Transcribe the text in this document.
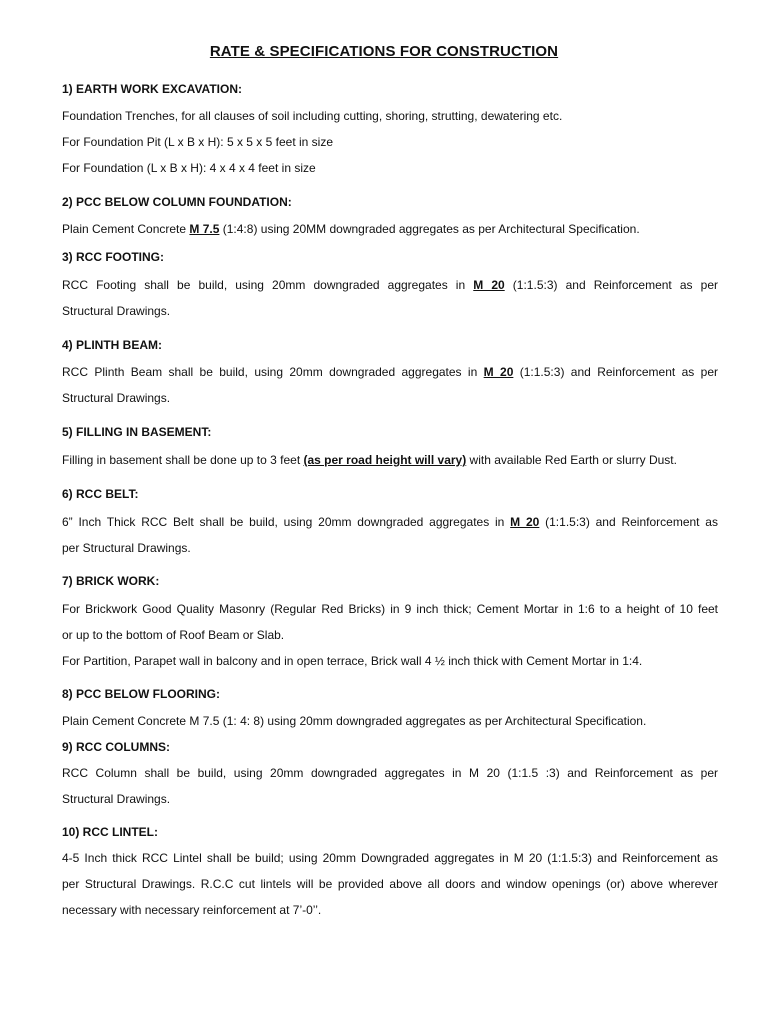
RATE & SPECIFICATIONS FOR CONSTRUCTION
1) EARTH WORK EXCAVATION:
Foundation Trenches, for all clauses of soil including cutting, shoring, strutting, dewatering etc.
For Foundation Pit (L x B x H): 5 x 5 x 5 feet in size
For Foundation (L x B x H): 4 x 4 x 4 feet in size
2) PCC BELOW COLUMN FOUNDATION:
Plain Cement Concrete M 7.5 (1:4:8) using 20MM downgraded aggregates as per Architectural Specification.
3) RCC FOOTING:
RCC Footing shall be build, using 20mm downgraded aggregates in M 20 (1:1.5:3) and Reinforcement as per
Structural Drawings.
4) PLINTH BEAM:
RCC Plinth Beam shall be build, using 20mm downgraded aggregates in M 20 (1:1.5:3) and Reinforcement as per
Structural Drawings.
5) FILLING IN BASEMENT:
Filling in basement shall be done up to 3 feet (as per road height will vary) with available Red Earth or slurry Dust.
6) RCC BELT:
6” Inch Thick RCC Belt shall be build, using 20mm downgraded aggregates in M 20 (1:1.5:3) and Reinforcement as
per Structural Drawings.
7) BRICK WORK:
For Brickwork Good Quality Masonry (Regular Red Bricks) in 9 inch thick; Cement Mortar in 1:6 to a height of 10 feet
or up to the bottom of Roof Beam or Slab.
For Partition, Parapet wall in balcony and in open terrace, Brick wall 4 ½ inch thick with Cement Mortar in 1:4.
8) PCC BELOW FLOORING:
Plain Cement Concrete M 7.5 (1: 4: 8) using 20mm downgraded aggregates as per Architectural Specification.
9) RCC COLUMNS:
RCC Column shall be build, using 20mm downgraded aggregates in M 20 (1:1.5 :3) and Reinforcement as per
Structural Drawings.
10) RCC LINTEL:
4-5 Inch thick RCC Lintel shall be build; using 20mm Downgraded aggregates in M 20 (1:1.5:3) and Reinforcement as
per Structural Drawings. R.C.C cut lintels will be provided above all doors and window openings (or) above wherever
necessary with necessary reinforcement at 7’-0’’.
